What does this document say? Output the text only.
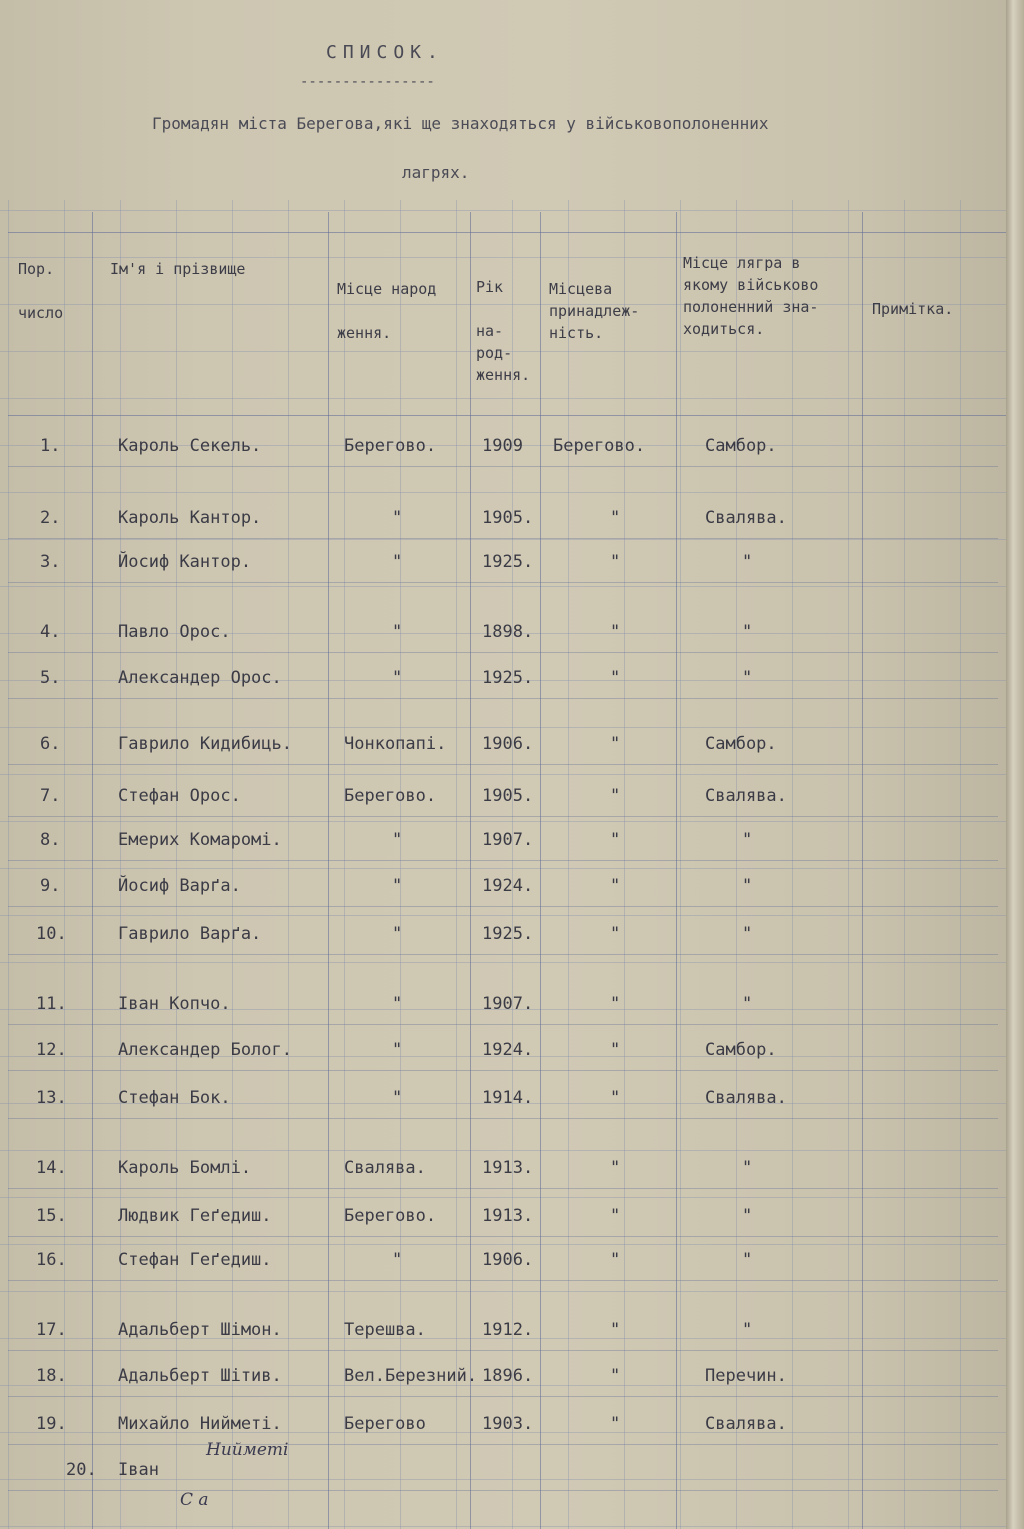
СПИСОК.
----------------
Громадян міста Берегова,які ще знаходяться у військовополоненних
лагрях.
Пор.

число
Ім'я і прізвище
Місце народ

ження.
Рік

на-
род-
ження.
Місцева
принадлеж-
ність.
Місце лягра в
якому військово
полоненний зна-
ходиться.
Примітка.
1.	Кароль Секель.	Берегово.	1909 Берегово.	Самбор.
2.	Кароль Кантор.	"	1905.	"	Свалява.
3.	Йосиф Кантор.	"	1925.	"	"
4.	Павло Орос.	"	1898.	"	"
5.	Александер Орос.	"	1925.	"	"
6.	Гаврило Кидибиць.	Чонкопапі. 1906.	"	Самбор.
7.	Стефан Орос.	Берегово.	1905.	"	Свалява.
8.	Емерих Комаромі.	"	1907.	"	"
9.	Йосиф Варґа.	"	1924.	"	"
10.	Гаврило Варґа.	"	1925.	"	"
11.	Іван Копчо.	"	1907.	"	"
12.	Александер Болог.	"	1924.	"	Самбор.
13.	Стефан Бок.	"	1914.	"	Свалява.
14.	Кароль Бомлі.	Свалява.	1913.	"	"
15.	Людвик Геґедиш.	Берегово.	1913.	"	"
16.	Стефан Геґедиш.	"	1906.	"	"
17.	Адальберт Шімон.	Терешва.	1912.	"	"
18.	Адальберт Шітив.	Вел.Березний. 1896.	"	Перечин.
19.	Михайло Нийметі.	Берегово	1903.	"	Свалява.
20. Іван
Нийметі
С а
